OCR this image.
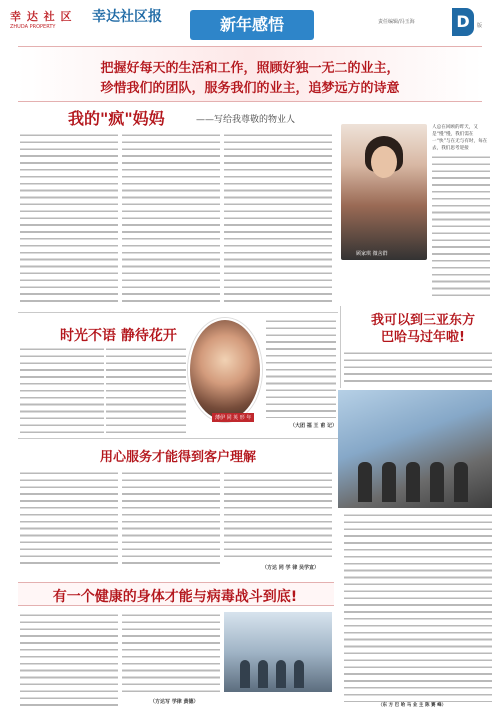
幸 达 社 区
ZHUDA PROPERTY
幸达社区报	新年感悟	责任编辑/冯玉海	D	版
把握好每天的生活和工作，照顾好独一无二的业主，
珍惜我们的团队，服务我们的业主，追梦远方的诗意
我的"疯"妈妈	——写给我尊敬的物业人
顾家琪 微舍群
人总在回顾的昨天，又是“慢”慢，我们需在一“快”与在无与有时，每在去，我们思考迎接
时光不语 静待花开
薄伊 同 英 形 年
（大团 福 王 甫 记）
我可以到三亚东方
巴哈马过年啦!
（东 方 巴 哈 马 业 主 陈 赛 峰）
用心服务才能得到客户理解
（方达 同 学 律 吴学宣）
有一个健康的身体才能与病毒战斗到底!
（方达写 学律 黄德）
